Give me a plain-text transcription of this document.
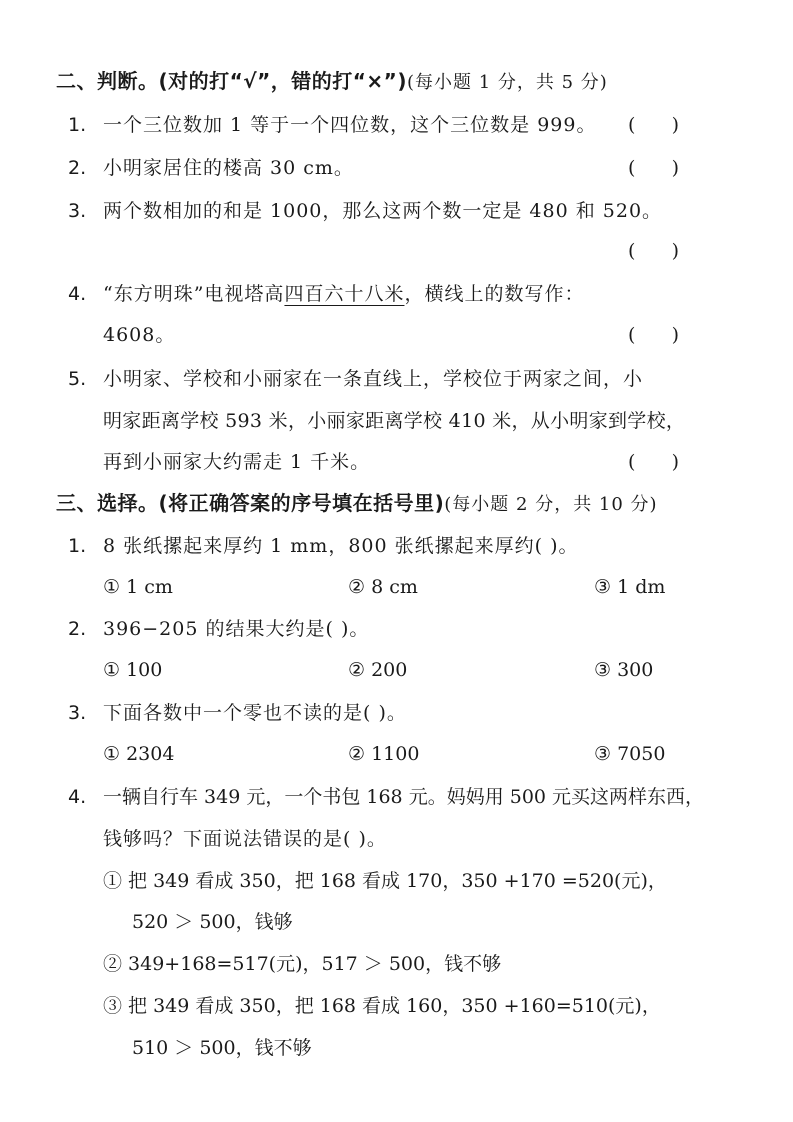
二、判断。(对的打“√”，错的打“×”)(每小题 1 分，共 5 分)
1. 一个三位数加 1 等于一个四位数，这个三位数是 999。 (      )
2. 小明家居住的楼高 30 cm。	(      )
3. 两个数相加的和是 1000，那么这两个数一定是 480 和 520。
(      )
4. “东方明珠”电视塔高四百六十八米，横线上的数写作：
4608。	(      )
5. 小明家、学校和小丽家在一条直线上，学校位于两家之间，小
明家距离学校 593 米，小丽家距离学校 410 米，从小明家到学校，
再到小丽家大约需走 1 千米。	(      )
三、选择。(将正确答案的序号填在括号里)(每小题 2 分，共 10 分)
1. 8 张纸摞起来厚约 1 mm，800 张纸摞起来厚约( )。
① 1 cm	② 8 cm	③ 1 dm
2. 396−205 的结果大约是( )。
① 100	② 200	③ 300
3. 下面各数中一个零也不读的是( )。
① 2304	② 1100	③ 7050
4. 一辆自行车 349 元，一个书包 168 元。妈妈用 500 元买这两样东西，
钱够吗？下面说法错误的是( )。
① 把 349 看成 350，把 168 看成 170，350 +170 =520(元)，
520 ＞ 500，钱够
② 349+168=517(元)，517 ＞ 500，钱不够
③ 把 349 看成 350，把 168 看成 160，350 +160=510(元)，
510 ＞ 500，钱不够
